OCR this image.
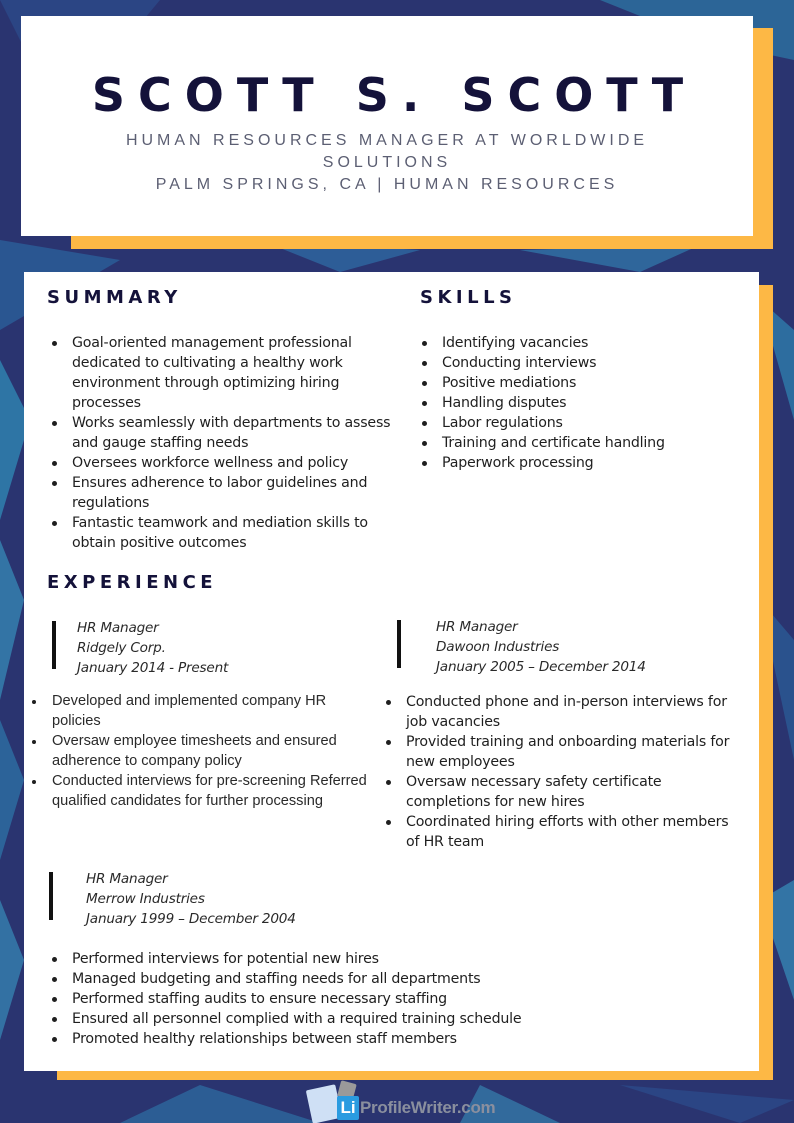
SCOTT S. SCOTT
HUMAN RESOURCES MANAGER AT WORLDWIDE SOLUTIONS
PALM SPRINGS, CA | HUMAN RESOURCES
SUMMARY
Goal-oriented management professional dedicated to cultivating a healthy work environment through optimizing hiring processes
Works seamlessly with departments to assess and gauge staffing needs
Oversees workforce wellness and policy
Ensures adherence to labor guidelines and regulations
Fantastic teamwork and mediation skills to obtain positive outcomes
SKILLS
Identifying vacancies
Conducting interviews
Positive mediations
Handling disputes
Labor regulations
Training and certificate handling
Paperwork processing
EXPERIENCE
HR Manager
Ridgely Corp.
January 2014 - Present
Developed and implemented company HR policies
Oversaw employee timesheets and ensured adherence to company policy
Conducted interviews for pre-screening Referred qualified candidates for further processing
HR Manager
Dawoon Industries
January 2005 – December 2014
Conducted phone and in-person interviews for job vacancies
Provided training and onboarding materials for new employees
Oversaw necessary safety certificate completions for new hires
Coordinated hiring efforts with other members of HR team
HR Manager
Merrow Industries
January 1999 – December 2004
Performed interviews for potential new hires
Managed budgeting and staffing needs for all departments
Performed staffing audits to ensure necessary staffing
Ensured all personnel complied with a required training schedule
Promoted healthy relationships between staff members
Li ProfileWriter.com
